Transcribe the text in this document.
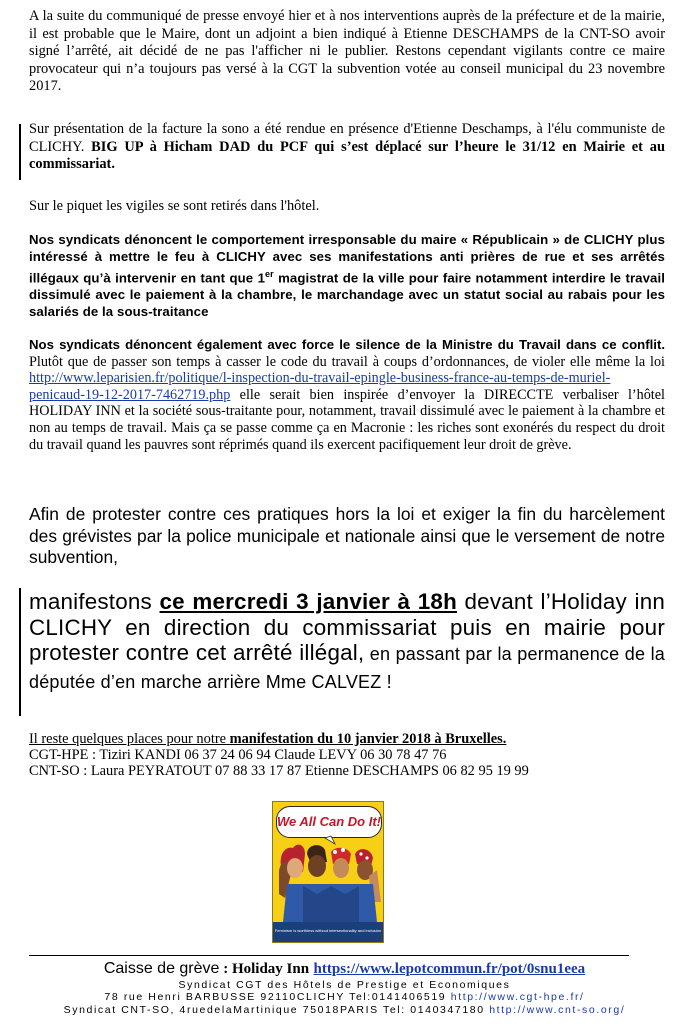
A la suite du communiqué de presse envoyé hier et à nos interventions auprès de la préfecture et de la mairie, il est probable que le Maire, dont un adjoint a bien indiqué à Etienne DESCHAMPS de la CNT-SO avoir signé l’arrêté, ait décidé de ne pas l'afficher ni le publier. Restons cependant vigilants contre ce maire provocateur qui n’a toujours pas versé à la CGT la subvention votée au conseil municipal du 23 novembre 2017.
Sur présentation de la facture la sono a été rendue en présence d'Etienne Deschamps, à l'élu communiste de CLICHY. BIG UP à Hicham DAD du PCF qui s’est déplacé sur l’heure le 31/12 en Mairie et au commissariat.
Sur le piquet les vigiles se sont retirés dans l'hôtel.
Nos syndicats dénoncent le comportement irresponsable du maire « Républicain » de CLICHY plus intéressé à mettre le feu à CLICHY avec ses manifestations anti prières de rue et ses arrêtés illégaux qu’à intervenir en tant que 1er magistrat de la ville pour faire notamment interdire le travail dissimulé avec le paiement à la chambre, le marchandage avec un statut social au rabais pour les salariés de la sous-traitance
Nos syndicats dénoncent également avec force le silence de la Ministre du Travail dans ce conflit. Plutôt que de passer son temps à casser le code du travail à coups d’ordonnances, de violer elle même la loi http://www.leparisien.fr/politique/l-inspection-du-travail-epingle-business-france-au-temps-de-muriel-penicaud-19-12-2017-7462719.php elle serait bien inspirée d’envoyer la DIRECCTE verbaliser l’hôtel HOLIDAY INN et la société sous-traitante pour, notamment, travail dissimulé avec le paiement à la chambre et non au temps de travail. Mais ça se passe comme ça en Macronie : les riches sont exonérés du respect du droit du travail quand les pauvres sont réprimés quand ils exercent pacifiquement leur droit de grève.
Afin de protester contre ces pratiques hors la loi et exiger la fin du harcèlement des grévistes par la police municipale et nationale ainsi que le versement de notre subvention,
manifestons ce mercredi 3 janvier à 18h devant l’Holiday inn CLICHY en direction du commissariat puis en mairie pour protester contre cet arrêté illégal, en passant par la permanence de la députée d’en marche arrière Mme CALVEZ !
Il reste quelques places pour notre manifestation du 10 janvier 2018 à Bruxelles.
CGT-HPE : Tiziri KANDI 06 37 24 06 94 Claude LEVY 06 30 78 47 76
CNT-SO : Laura PEYRATOUT 07 88 33 17 87 Etienne DESCHAMPS 06 82 95 19 99
We All Can Do It!
Feminism is worthless without intersectionality and inclusion
Caisse de grève : Holiday Inn https://www.lepotcommun.fr/pot/0snu1eea
Syndicat CGT des Hôtels de Prestige et Economiques
78 rue Henri BARBUSSE 92110CLICHY Tel:0141406519 http://www.cgt-hpe.fr/
Syndicat CNT-SO, 4ruedelaMartinique 75018PARIS Tel: 0140347180 http://www.cnt-so.org/
